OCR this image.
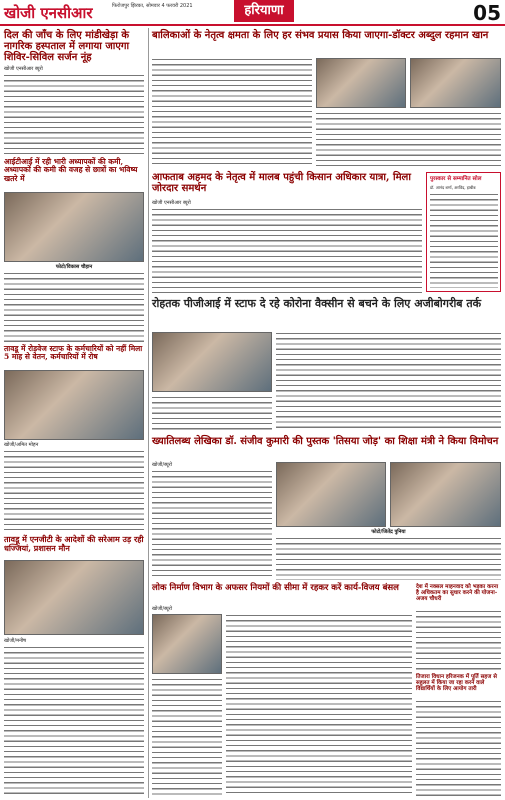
खोजी एनसीआर	फिरोजपुर झिरका, सोमवार 4 फरवरी 2021	हरियाणा	05
दिल की जाँच के लिए मांडीखेड़ा के नागरिक हस्पताल में लगाया जाएगा शिविर-सिविल सर्जन नूंह
खोजी एनसीआर ब्यूरो
आईटीआई में रही भारी अध्यापकों की कमी, अध्यापकों की कमी की वजह से छात्रों का भविष्य खतरे में
फोटो/विकास चौहान
तावडू में रोड़वेज स्टाफ के कर्मचारियों को नहीं मिला 5 माह से वेतन, कर्मचारियों में रोष
खोजी/अमित मोहन
तावडू में एनजीटी के आदेशों की सरेआम उड़ रही धज्जियां, प्रशासन मौन
खोजी/मनीष
बालिकाओं के नेतृत्व क्षमता के लिए हर संभव प्रयास किया जाएगा-डॉक्टर अब्दुल रहमान खान
आफताब अहमद के नेतृत्व में मालब पहुंची किसान अधिकार यात्रा, मिला जोरदार समर्थन
खोजी एनसीआर ब्यूरो
पुरस्कार से सम्मानित सोल
डॉ. आनंद शर्मा, अरविंद, हाबीब
रोहतक पीजीआई में स्टाफ दे रहे कोरोना वैक्सीन से बचने के लिए अजीबोगरीब तर्क
ख्यातिलब्ध लेखिका डॉ. संजीव कुमारी की पुस्तक 'तिसया जोड़' का शिक्षा मंत्री ने किया विमोचन
खोजी/ब्यूरो
फोटो/जितेंद्र पुनिया
लोक निर्माण विभाग के अफसर नियमों की सीमा में रहकर करें कार्य-विजय बंसल
खोजी/ब्यूरो
देश में नक्सल माहनवाद को भड़का करना है अधिकतम का सुधार करने की योजना-अजय चौधरी
तिजारा विधान हरिजनक में पूर्ति सहज से सहुलत में किया जा रहा करने वाले विद्यार्थियों के लिए आयोग तारी
